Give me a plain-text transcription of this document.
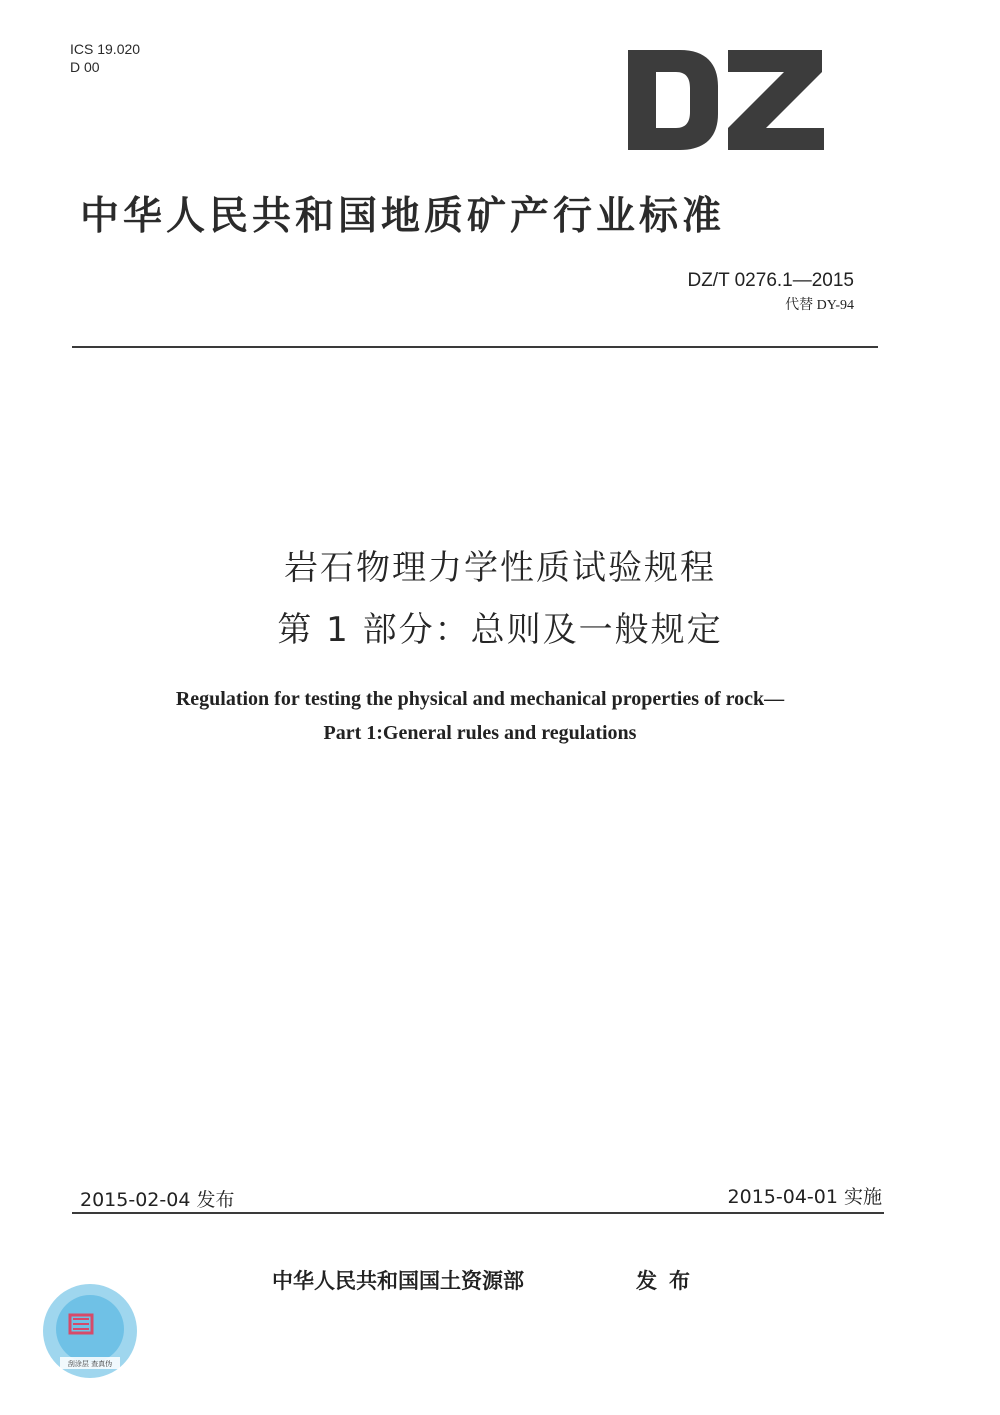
ICS 19.020
D 00
中华人民共和国地质矿产行业标准
DZ/T 0276.1—2015
代替 DY-94
岩石物理力学性质试验规程
第 1 部分：总则及一般规定
Regulation for testing the physical and mechanical properties of rock—
Part 1:General rules and regulations
2015-02-04 发布	2015-04-01 实施
中华人民共和国国土资源部	发布
刮涂层 查真伪
